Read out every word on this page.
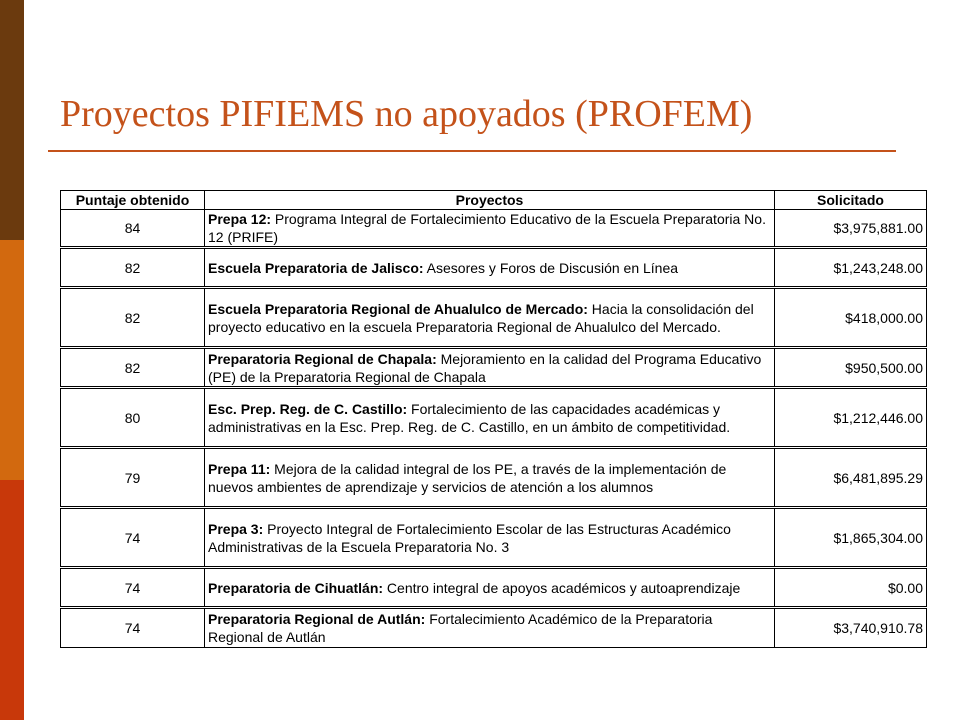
Proyectos PIFIEMS no apoyados (PROFEM)
Puntaje obtenido	Proyectos	Solicitado
84	Prepa 12: Programa Integral de Fortalecimiento Educativo de la Escuela Preparatoria No. 12 (PRIFE)	$3,975,881.00
82	Escuela Preparatoria de Jalisco: Asesores y Foros de Discusión en Línea	$1,243,248.00
82	Escuela Preparatoria Regional de Ahualulco de Mercado: Hacia la consolidación del proyecto educativo en la escuela Preparatoria Regional de Ahualulco del Mercado.	$418,000.00
82	Preparatoria Regional de Chapala: Mejoramiento en la calidad del Programa Educativo (PE) de la Preparatoria Regional de Chapala	$950,500.00
80	Esc. Prep. Reg. de C. Castillo: Fortalecimiento de las capacidades académicas y administrativas en la Esc. Prep. Reg. de C. Castillo, en un ámbito de competitividad.	$1,212,446.00
79	Prepa 11: Mejora de la calidad integral de los PE, a través de la implementación de nuevos ambientes de aprendizaje y servicios de atención a los alumnos	$6,481,895.29
74	Prepa 3: Proyecto Integral de Fortalecimiento Escolar de las Estructuras Académico Administrativas de la Escuela Preparatoria No. 3	$1,865,304.00
74	Preparatoria de Cihuatlán: Centro integral de apoyos académicos y autoaprendizaje	$0.00
74	Preparatoria Regional de Autlán: Fortalecimiento Académico de la Preparatoria Regional de Autlán	$3,740,910.78
